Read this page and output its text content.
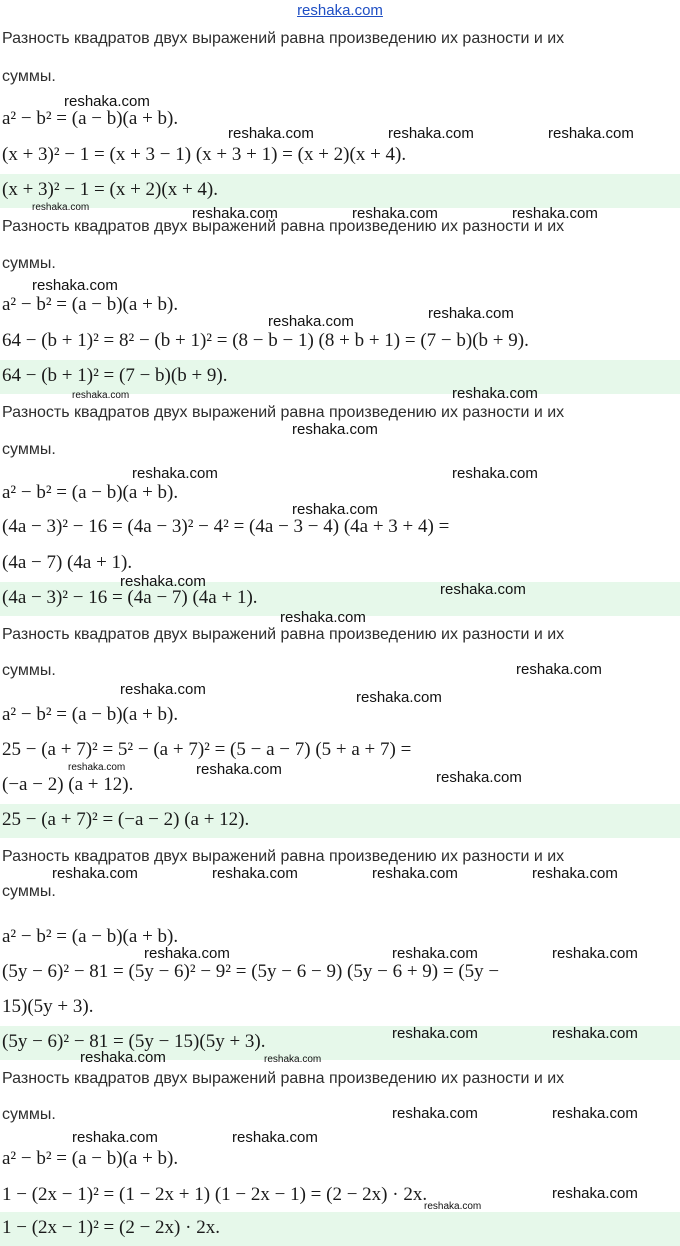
reshaka.com
Разность квадратов двух выражений равна произведению их разности и их
суммы.
a² − b² = (a − b)(a + b).
(x + 3)² − 1 = (x + 3 − 1) (x + 3 + 1) = (x + 2)(x + 4).
(x + 3)² − 1 = (x + 2)(x + 4).
Разность квадратов двух выражений равна произведению их разности и их
суммы.
a² − b² = (a − b)(a + b).
64 − (b + 1)² = 8² − (b + 1)² = (8 − b − 1) (8 + b + 1) = (7 − b)(b + 9).
64 − (b + 1)² = (7 − b)(b + 9).
Разность квадратов двух выражений равна произведению их разности и их
суммы.
a² − b² = (a − b)(a + b).
(4a − 3)² − 16 = (4a − 3)² − 4² = (4a − 3 − 4) (4a + 3 + 4) =
(4a − 7) (4a + 1).
(4a − 3)² − 16 = (4a − 7) (4a + 1).
Разность квадратов двух выражений равна произведению их разности и их
суммы.
a² − b² = (a − b)(a + b).
25 − (a + 7)² = 5² − (a + 7)² = (5 − a − 7) (5 + a + 7) =
(−a − 2) (a + 12).
25 − (a + 7)² = (−a − 2) (a + 12).
Разность квадратов двух выражений равна произведению их разности и их
суммы.
a² − b² = (a − b)(a + b).
(5y − 6)² − 81 = (5y − 6)² − 9² = (5y − 6 − 9) (5y − 6 + 9) = (5y −
15)(5y + 3).
(5y − 6)² − 81 = (5y − 15)(5y + 3).
Разность квадратов двух выражений равна произведению их разности и их
суммы.
a² − b² = (a − b)(a + b).
1 − (2x − 1)² = (1 − 2x + 1) (1 − 2x − 1) = (2 − 2x) · 2x.
1 − (2x − 1)² = (2 − 2x) · 2x.
reshaka.com
reshaka.com	reshaka.com	reshaka.com
reshaka.com	reshaka.com	reshaka.com	reshaka.com
reshaka.com
reshaka.com
reshaka.com
reshaka.com	reshaka.com
reshaka.com
reshaka.com	reshaka.com
reshaka.com
reshaka.com	reshaka.com
reshaka.com
reshaka.com
reshaka.com	reshaka.com
reshaka.com	reshaka.com	reshaka.com
reshaka.com	reshaka.com	reshaka.com	reshaka.com
reshaka.com	reshaka.com	reshaka.com
reshaka.com	reshaka.com
reshaka.com	reshaka.com
reshaka.com	reshaka.com
reshaka.com	reshaka.com
reshaka.com
reshaka.com
